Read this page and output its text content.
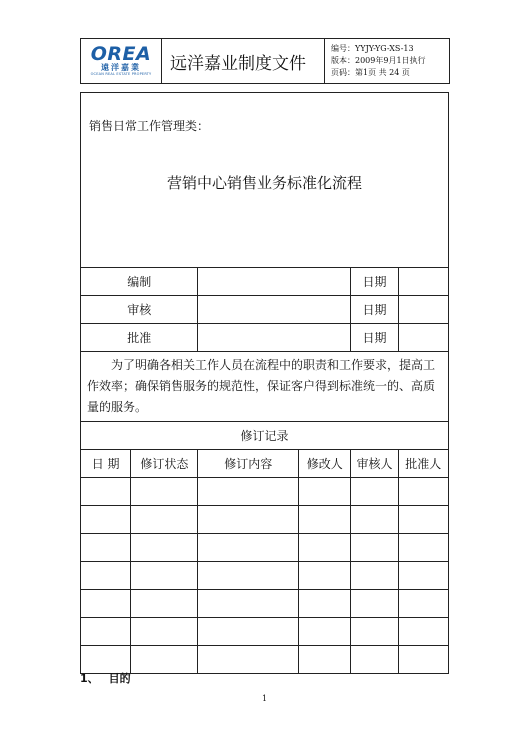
OREA
遠洋嘉業
OCEAN REAL ESTATE PROPERTY
	远洋嘉业制度文件	
编号：YYJY-YG-XS-13
版本：2009年9月1日执行
页码：第1页 共 24 页
销售日常工作管理类：
营销中心销售业务标准化流程					

编制				日期	
审核				日期	
批准				日期	

为了明确各相关工作人员在流程中的职责和工作要求，提高工作效率；确保销售服务的规范性，保证客户得到标准统一的、高质量的服务。					

修订记录					
日 期	修订状态	修订内容	修改人	审核人	批准人

1、 目的
1
